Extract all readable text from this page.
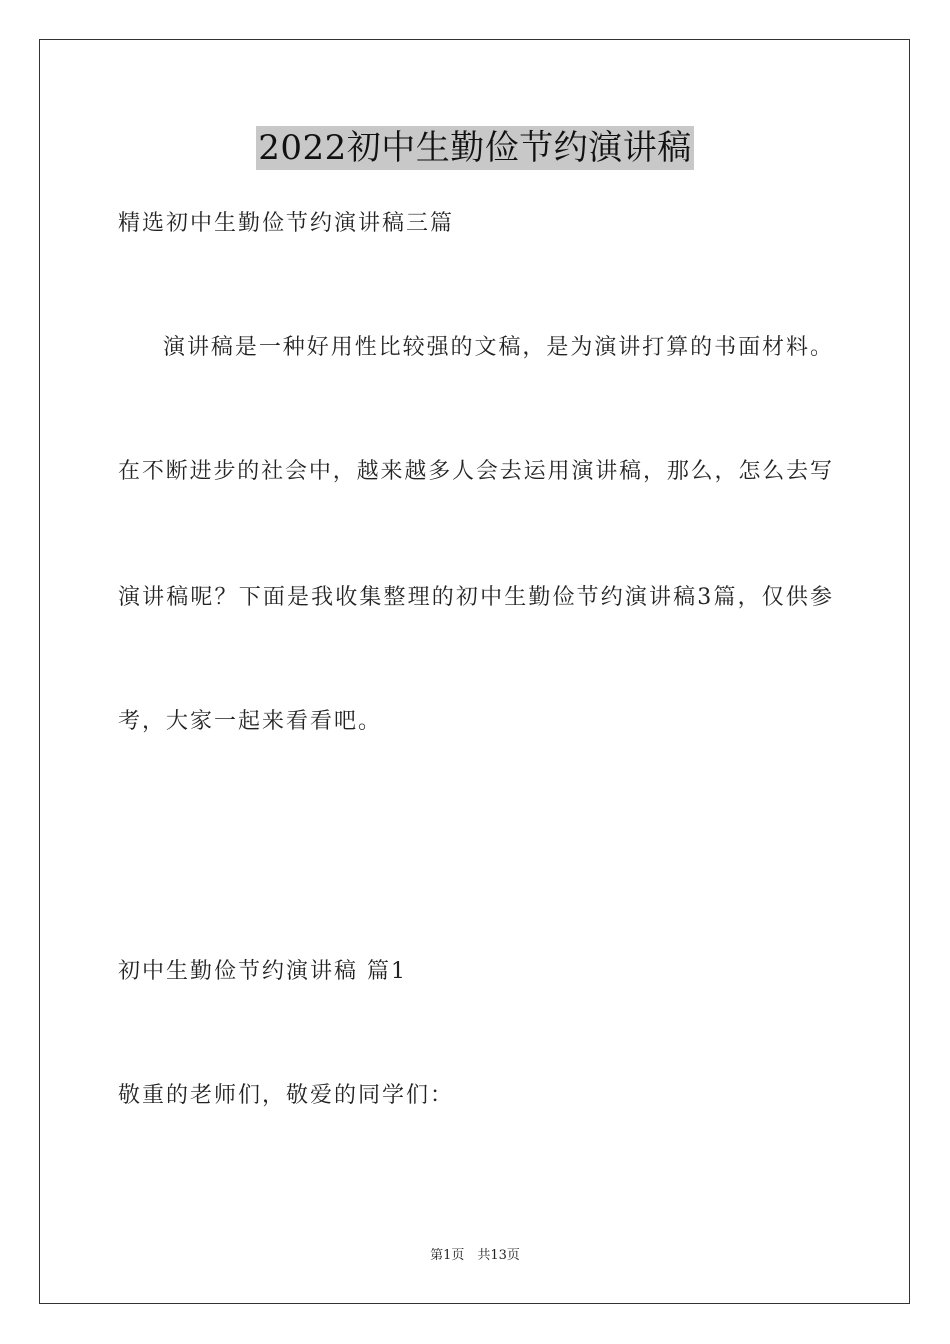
2022初中生勤俭节约演讲稿
精选初中生勤俭节约演讲稿三篇
演讲稿是一种好用性比较强的文稿，是为演讲打算的书面材料。
在不断进步的社会中，越来越多人会去运用演讲稿，那么，怎么去写
演讲稿呢？下面是我收集整理的初中生勤俭节约演讲稿3篇，仅供参
考，大家一起来看看吧。
初中生勤俭节约演讲稿 篇1
敬重的老师们，敬爱的同学们：
第1页　共13页
